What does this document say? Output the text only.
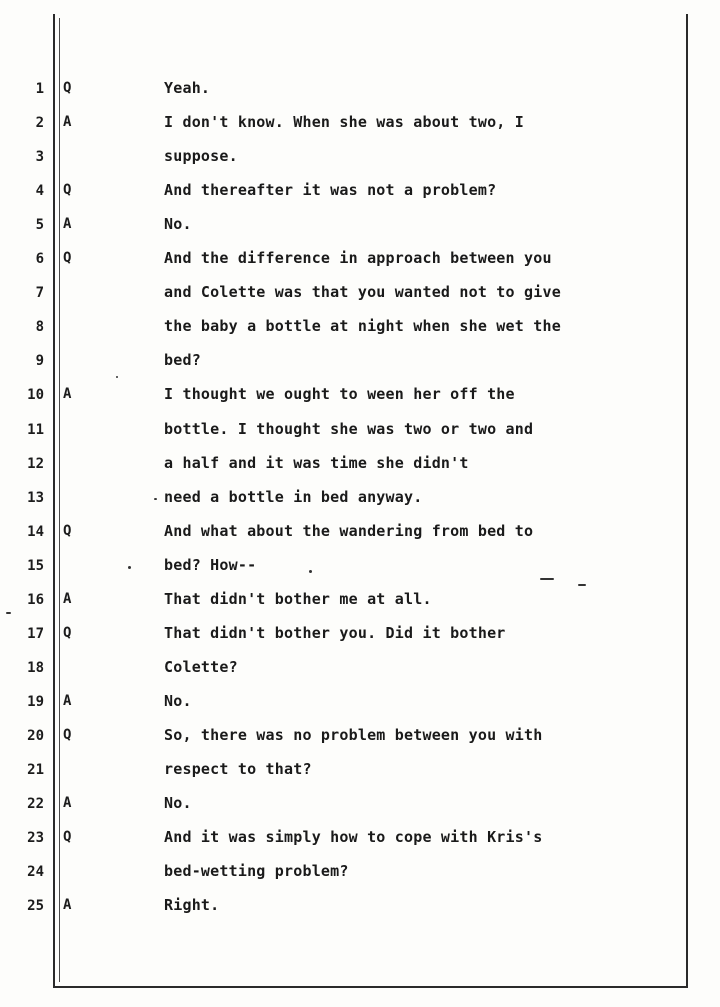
1 Q	Yeah.
2 A	I don't know. When she was about two, I
3	suppose.
4 Q	And thereafter it was not a problem?
5 A	No.
6 Q	And the difference in approach between you
7	and Colette was that you wanted not to give
8	the baby a bottle at night when she wet the
9	bed?
10 A	I thought we ought to ween her off the
11	bottle. I thought she was two or two and
12	a half and it was time she didn't
13	need a bottle in bed anyway.
14 Q	And what about the wandering from bed to
15	bed? How--
16 A	That didn't bother me at all.
17 Q	That didn't bother you. Did it bother
18	Colette?
19 A	No.
20 Q	So, there was no problem between you with
21	respect to that?
22 A	No.
23 Q	And it was simply how to cope with Kris's
24	bed-wetting problem?
25 A	Right.
